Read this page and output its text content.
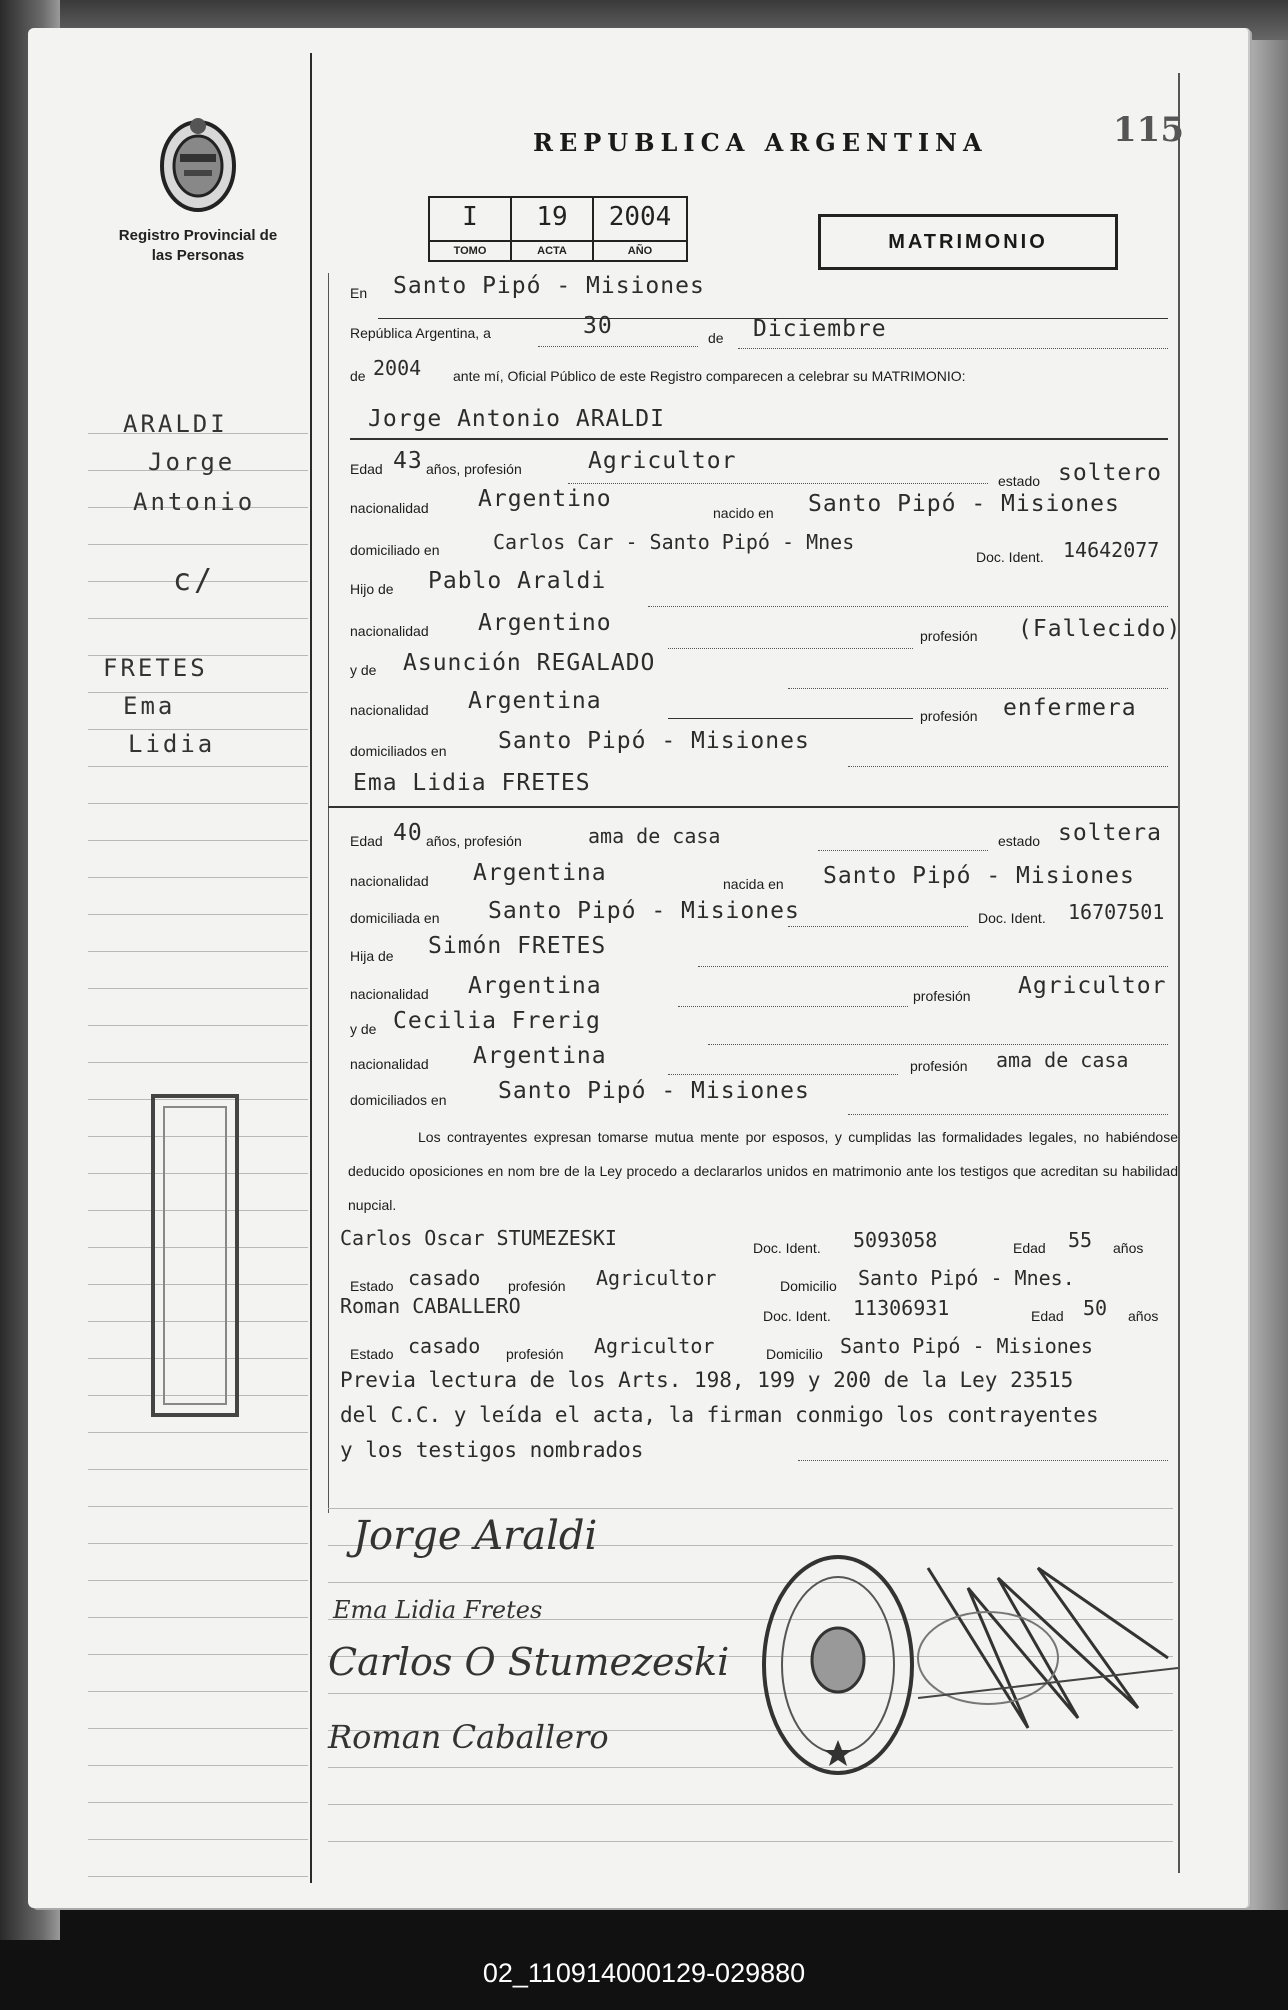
Registro Provincial de las Personas
ARALDI
Jorge
Antonio
c/
FRETES
Ema
Lidia
REPUBLICA ARGENTINA	115
I
TOMO
19
ACTA
2004
AÑO	MATRIMONIO
En Santo Pipó - Misiones
República Argentina, a	30	de Diciembre
de 2004 ante mí, Oficial Público de este Registro comparecen a celebrar su MATRIMONIO:
Jorge Antonio ARALDI
Edad 43 años, profesión	Agricultor
estado soltero
nacionalidad Argentino
nacido en Santo Pipó - Misiones
domiciliado en	Carlos Car - Santo Pipó - Mnes
Doc. Ident. 14642077
Hijo de Pablo Araldi
nacionalidad Argentino	profesión (Fallecido)
y de Asunción REGALADO
nacionalidad Argentina
profesión enfermera
domiciliados en Santo Pipó - Misiones
Ema Lidia FRETES
Edad 40 años, profesión	ama de casa	estado soltera
nacionalidad Argentina	nacida en Santo Pipó - Misiones
domiciliada en Santo Pipó - Misiones	Doc. Ident. 16707501
Hija de Simón FRETES
nacionalidad Argentina	profesión Agricultor
y de Cecilia Frerig
nacionalidad Argentina	profesión ama de casa
domiciliados en Santo Pipó - Misiones
Los contrayentes expresan tomarse mutua mente por esposos, y cumplidas las formalidades legales, no habiéndose deducido oposiciones en nom bre de la Ley procedo a declararlos unidos en matrimonio ante los testigos que acreditan su habilidad nupcial.
Carlos Oscar STUMEZESKI	Doc. Ident. 5093058	Edad 55 años
Estado casado profesión Agricultor	Domicilio Santo Pipó - Mnes.
Roman CABALLERO	Doc. Ident. 11306931	Edad 50 años
Estado casado profesión Agricultor	Domicilio Santo Pipó - Misiones
Previa lectura de los Arts. 198, 199 y 200 de la Ley 23515
del C.C. y leída el acta, la firman conmigo los contrayentes
y los testigos nombrados
Jorge Araldi
Ema Lidia Fretes
Carlos O Stumezeski
Roman Caballero
02_110914000129-029880
